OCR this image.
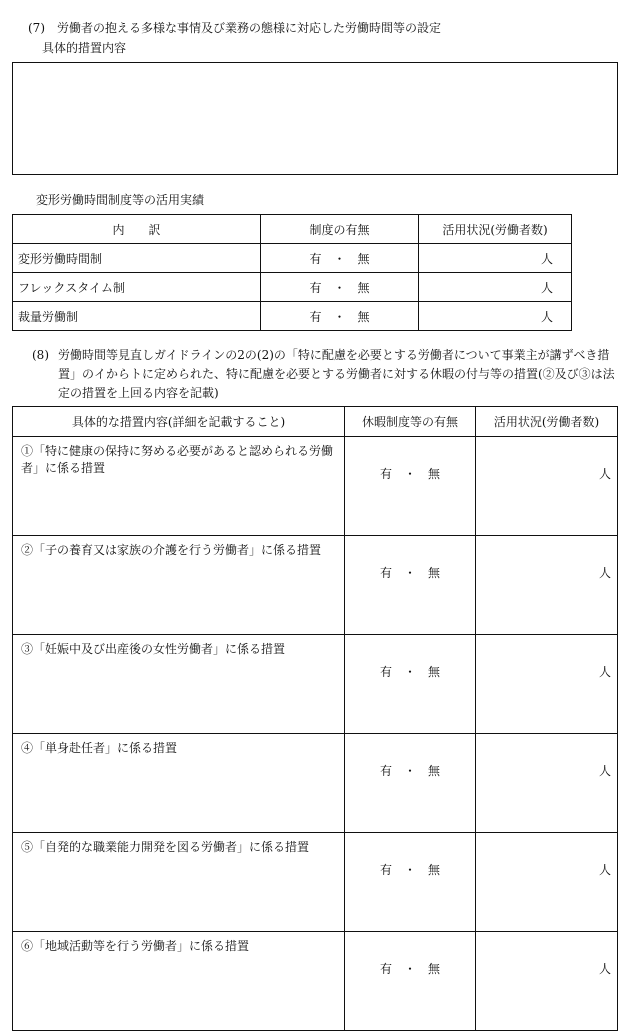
(7)　労働者の抱える多様な事情及び業務の態様に対応した労働時間等の設定
具体的措置内容
変形労働時間制度等の活用実績
内　　訳	制度の有無	活用状況(労働者数)
変形労働時間制	有　・　無	人
フレックスタイム制	有　・　無	人
裁量労働制	有　・　無	人
(8) 労働時間等見直しガイドラインの2の(2)の「特に配慮を必要とする労働者について事業主が講ずべき措置」のイからトに定められた、特に配慮を必要とする労働者に対する休暇の付与等の措置(②及び③は法定の措置を上回る内容を記載)
具体的な措置内容(詳細を記載すること)	休暇制度等の有無	活用状況(労働者数)
①「特に健康の保持に努める必要があると認められる労働者」に係る措置	有　・　無	人
②「子の養育又は家族の介護を行う労働者」に係る措置	有　・　無	人
③「妊娠中及び出産後の女性労働者」に係る措置	有　・　無	人
④「単身赴任者」に係る措置	有　・　無	人
⑤「自発的な職業能力開発を図る労働者」に係る措置	有　・　無	人
⑥「地域活動等を行う労働者」に係る措置	有　・　無	人
